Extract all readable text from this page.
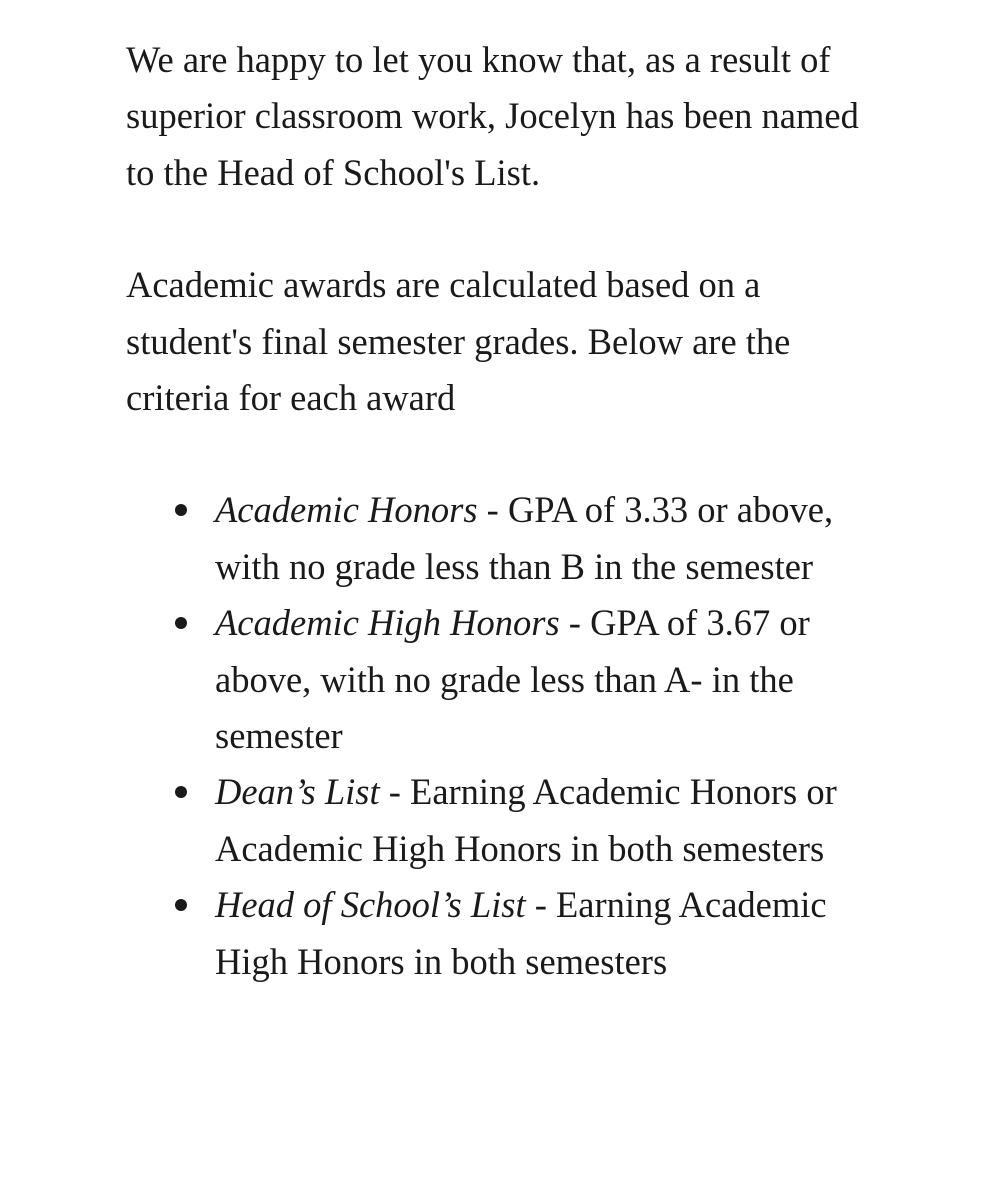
We are happy to let you know that, as a result of superior classroom work, Jocelyn has been named to the Head of School's List.

Academic awards are calculated based on a student's final semester grades. Below are the criteria for each award

Academic Honors - GPA of 3.33 or above, with no grade less than B in the semester
Academic High Honors - GPA of 3.67 or above, with no grade less than A- in the semester
Dean’s List - Earning Academic Honors or Academic High Honors in both semesters
Head of School’s List - Earning Academic High Honors in both semesters
